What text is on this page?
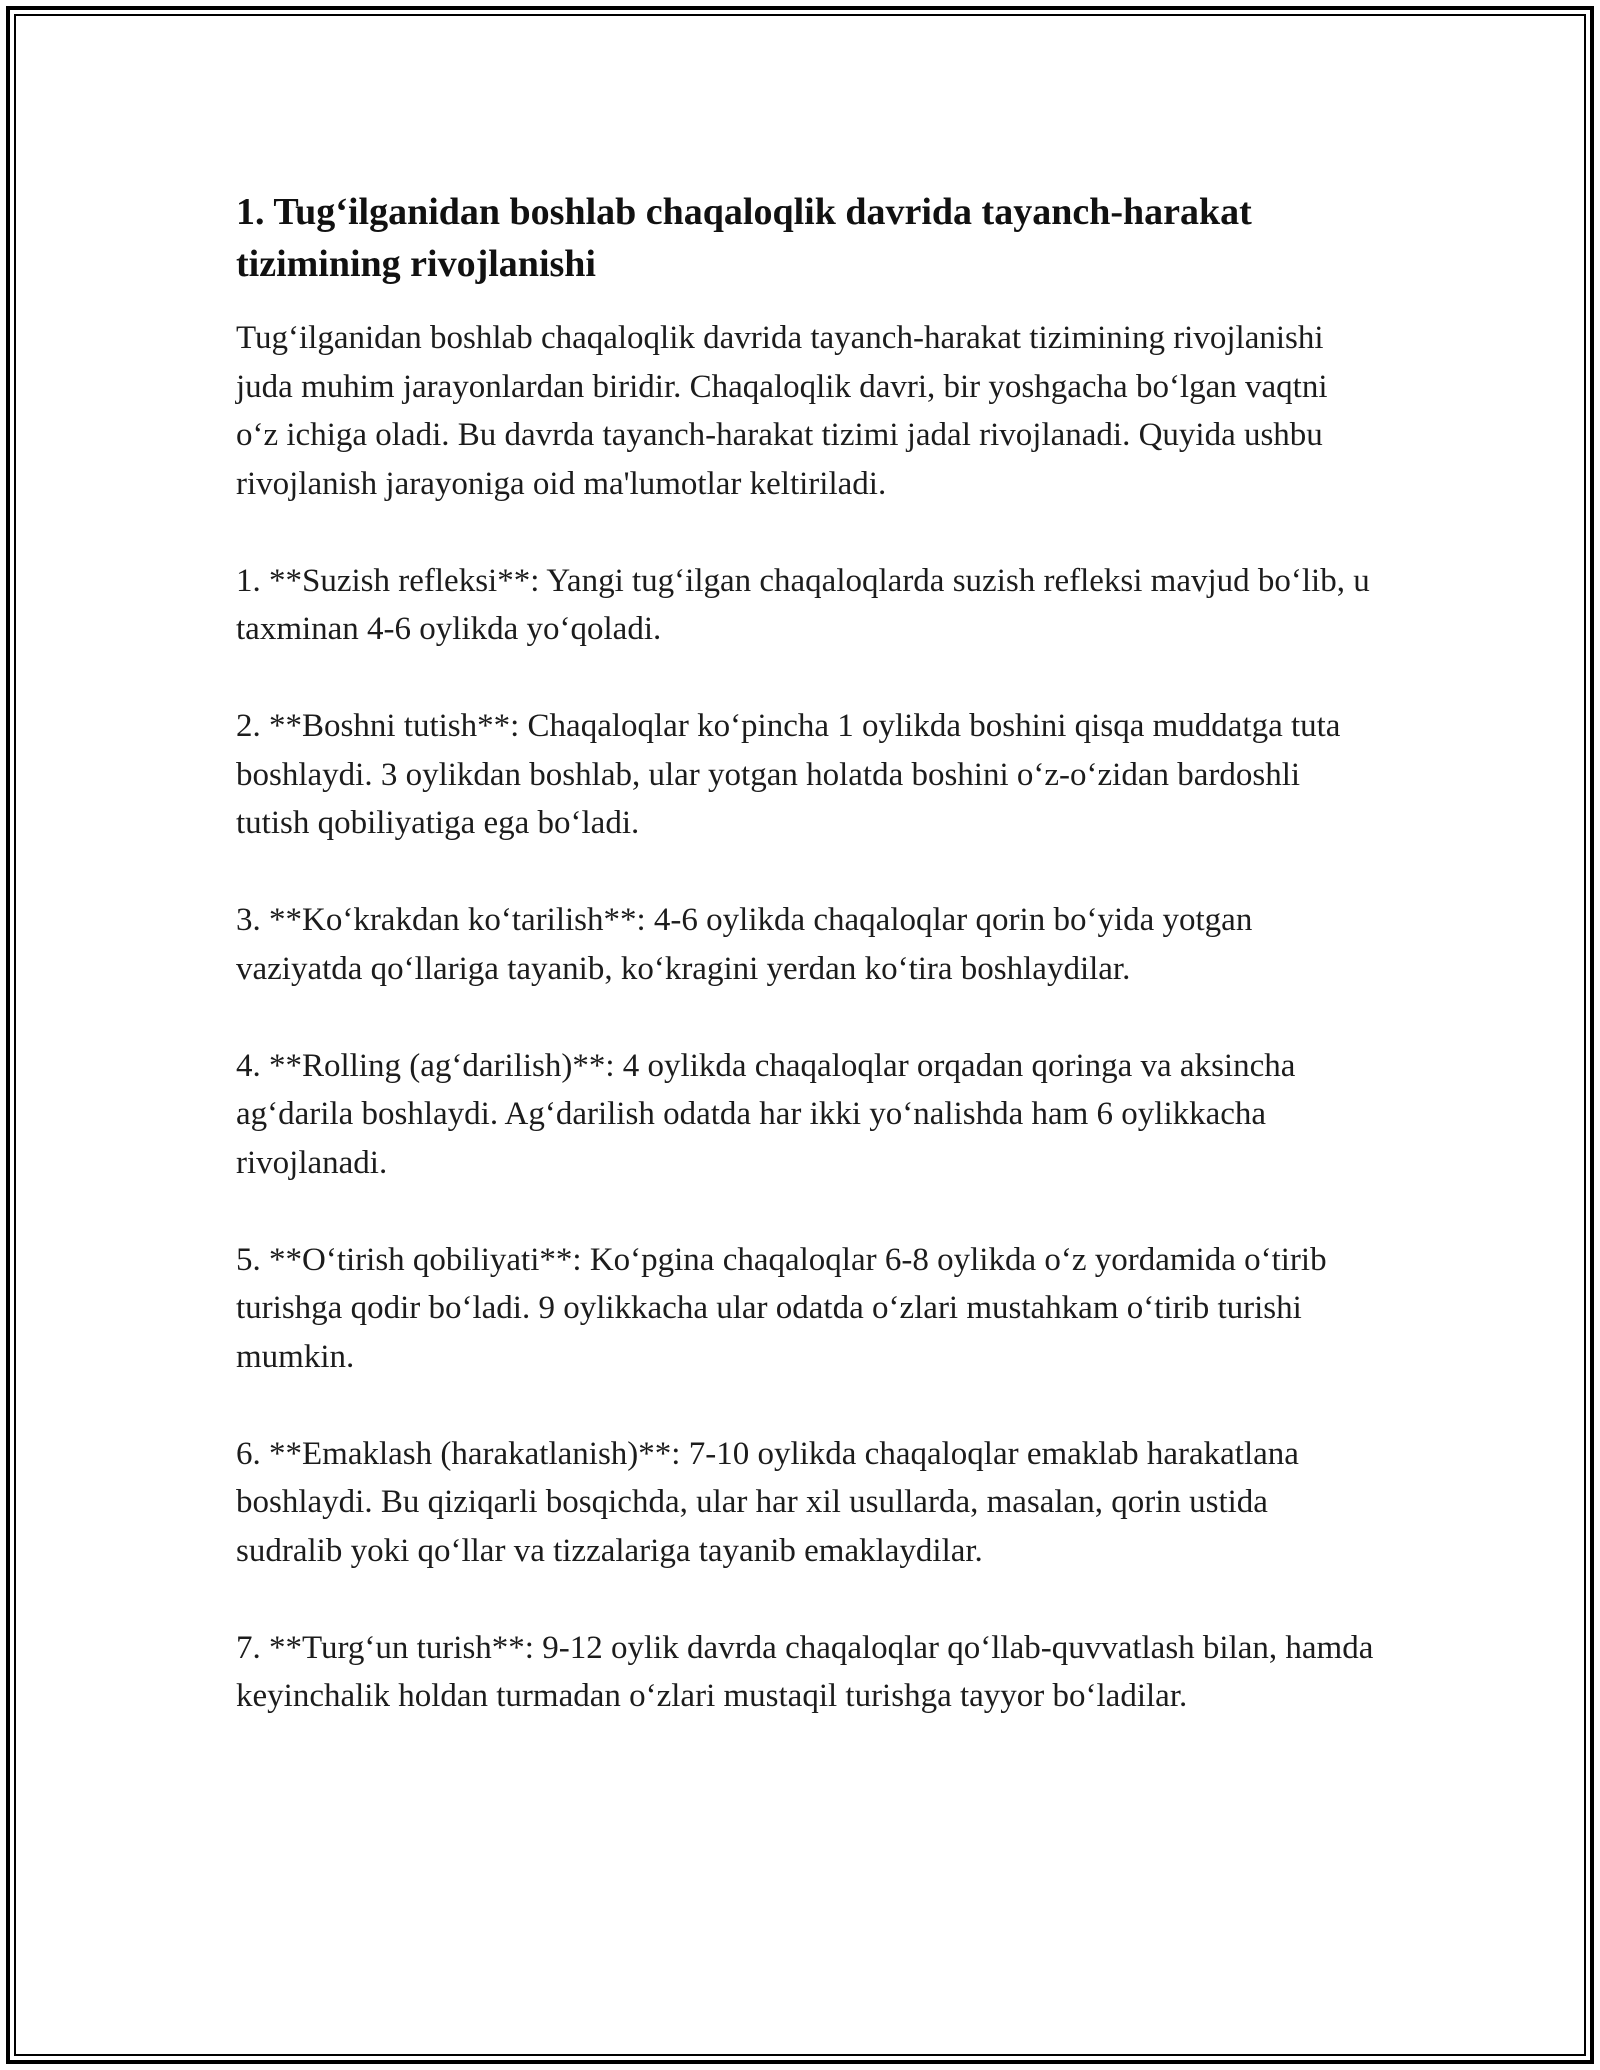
1. Tug‘ilganidan boshlab chaqaloqlik davrida tayanch-harakat tizimining rivojlanishi

Tug‘ilganidan boshlab chaqaloqlik davrida tayanch-harakat tizimining rivojlanishi juda muhim jarayonlardan biridir. Chaqaloqlik davri, bir yoshgacha bo‘lgan vaqtni o‘z ichiga oladi. Bu davrda tayanch-harakat tizimi jadal rivojlanadi. Quyida ushbu rivojlanish jarayoniga oid ma'lumotlar keltiriladi.

1. **Suzish refleksi**: Yangi tug‘ilgan chaqaloqlarda suzish refleksi mavjud bo‘lib, u taxminan 4-6 oylikda yo‘qoladi.

2. **Boshni tutish**: Chaqaloqlar ko‘pincha 1 oylikda boshini qisqa muddatga tuta boshlaydi. 3 oylikdan boshlab, ular yotgan holatda boshini o‘z-o‘zidan bardoshli tutish qobiliyatiga ega bo‘ladi.

3. **Ko‘krakdan ko‘tarilish**: 4-6 oylikda chaqaloqlar qorin bo‘yida yotgan vaziyatda qo‘llariga tayanib, ko‘kragini yerdan ko‘tira boshlaydilar.

4. **Rolling (ag‘darilish)**: 4 oylikda chaqaloqlar orqadan qoringa va aksincha ag‘darila boshlaydi. Ag‘darilish odatda har ikki yo‘nalishda ham 6 oylikkacha rivojlanadi.

5. **O‘tirish qobiliyati**: Ko‘pgina chaqaloqlar 6-8 oylikda o‘z yordamida o‘tirib turishga qodir bo‘ladi. 9 oylikkacha ular odatda o‘zlari mustahkam o‘tirib turishi mumkin.

6. **Emaklash (harakatlanish)**: 7-10 oylikda chaqaloqlar emaklab harakatlana boshlaydi. Bu qiziqarli bosqichda, ular har xil usullarda, masalan, qorin ustida sudralib yoki qo‘llar va tizzalariga tayanib emaklaydilar.

7. **Turg‘un turish**: 9-12 oylik davrda chaqaloqlar qo‘llab-quvvatlash bilan, hamda keyinchalik holdan turmadan o‘zlari mustaqil turishga tayyor bo‘ladilar.
